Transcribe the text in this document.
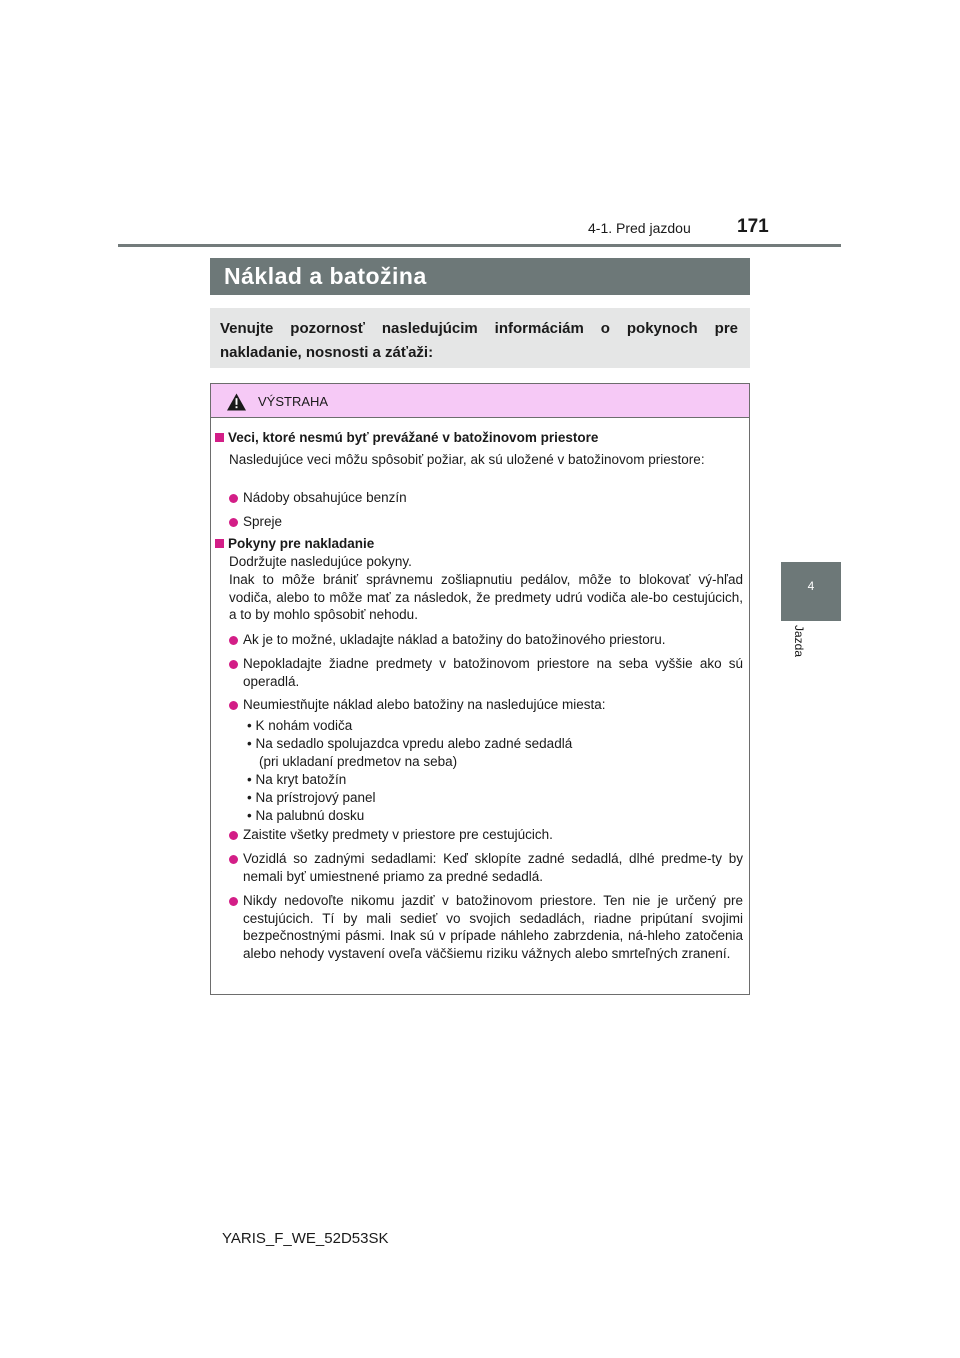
4-1. Pred jazdou 171
4
Jazda
Náklad a batožina
Venujte pozornosť nasledujúcim informáciám o pokynoch pre nakladanie, nosnosti a záťaži:
VÝSTRAHA
Veci, ktoré nesmú byť prevážané v batožinovom priestore
Nasledujúce veci môžu spôsobiť požiar, ak sú uložené v batožinovom priestore:
Nádoby obsahujúce benzín
Spreje
Pokyny pre nakladanie
Dodržujte nasledujúce pokyny.
Inak to môže brániť správnemu zošliapnutiu pedálov, môže to blokovať vý-hľad vodiča, alebo to môže mať za následok, že predmety udrú vodiča ale-bo cestujúcich, a to by mohlo spôsobiť nehodu.
Ak je to možné, ukladajte náklad a batožiny do batožinového priestoru.
Nepokladajte žiadne predmety v batožinovom priestore na seba vyššie ako sú operadlá.
Neumiestňujte náklad alebo batožiny na nasledujúce miesta:
• K nohám vodiča
• Na sedadlo spolujazdca vpredu alebo zadné sedadlá
(pri ukladaní predmetov na seba)
• Na kryt batožín
• Na prístrojový panel
• Na palubnú dosku
Zaistite všetky predmety v priestore pre cestujúcich.
Vozidlá so zadnými sedadlami: Keď sklopíte zadné sedadlá, dlhé predme-ty by nemali byť umiestnené priamo za predné sedadlá.
Nikdy nedovoľte nikomu jazdiť v batožinovom priestore. Ten nie je určený pre cestujúcich. Tí by mali sedieť vo svojich sedadlách, riadne pripútaní svojimi bezpečnostnými pásmi. Inak sú v prípade náhleho zabrzdenia, ná-hleho zatočenia alebo nehody vystavení oveľa väčšiemu riziku vážnych alebo smrteľných zranení.
YARIS_F_WE_52D53SK
